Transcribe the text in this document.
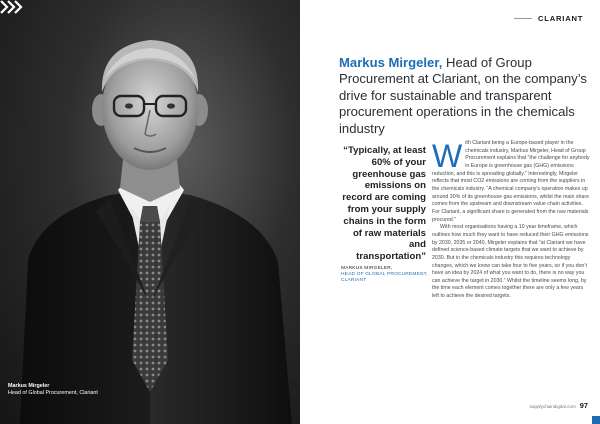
Markus Mirgeler
Head of Global Procurement, Clariant
CLARIANT
Markus Mirgeler, Head of Group Procurement at Clariant, on the company’s drive for sustainable and transparent procurement operations in the chemicals industry
“Typically, at least 60% of your greenhouse gas emissions on record are coming from your supply chains in the form of raw materials and transportation”
MARKUS MIRGELER,
HEAD OF GLOBAL PROCUREMENT, CLARIANT

With Clariant being a Europe-based player in the chemicals industry, Markus Mirgeler, Head of Group Procurement explains that “the challenge for anybody in Europe is greenhouse gas (GHG) emissions reduction, and this is spreading globally.” Interestingly, Mirgeler reflects that most CO2 emissions are coming from the suppliers in the chemicals industry. “A chemical company’s operation makes up around 30% of its greenhouse gas emissions, whilst the main share comes from the upstream and downstream value chain activities. For Clariant, a significant share is generated from the raw materials procured.”

With most organisations having a 10 year timeframe, which outlines how much they want to have reduced their GHG emissions by 2030, 2035 or 2040, Mirgeler explains that “at Clariant we have defined science-based climate targets that we want to achieve by 2030. But in the chemicals industry this requires technology changes, which we know can take four to five years, so if you don’t have an idea by 2024 of what you want to do, there is no way you can achieve the target in 2030.” Whilst the timeline seems long, by the time each element comes together there are only a few years left to achieve the desired targets.

supplychaindigital.com 97
